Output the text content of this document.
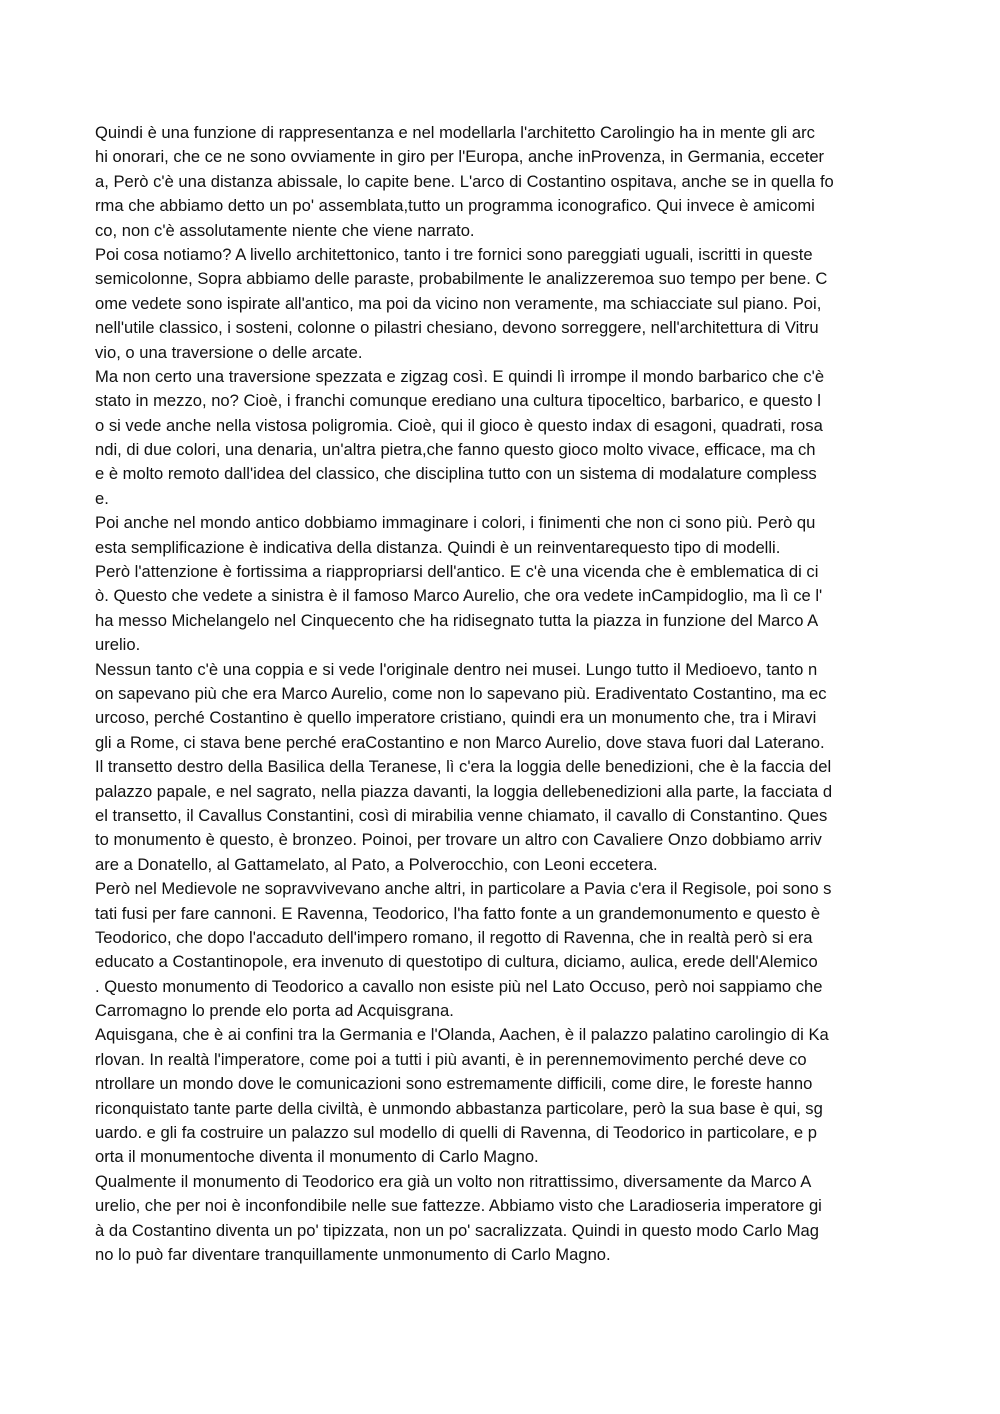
Quindi è una funzione di rappresentanza e nel modellarla l'architetto Carolingio ha in mente gli arc
hi onorari, che ce ne sono ovviamente in giro per l'Europa, anche inProvenza, in Germania, ecceter
a, Però c'è una distanza abissale, lo capite bene. L'arco di Costantino ospitava, anche se in quella fo
rma che abbiamo detto un po' assemblata,tutto un programma iconografico. Qui invece è amicomi
co, non c'è assolutamente niente che viene narrato.
Poi cosa notiamo? A livello architettonico, tanto i tre fornici sono pareggiati uguali, iscritti in queste
semicolonne, Sopra abbiamo delle paraste, probabilmente le analizzeremoa suo tempo per bene. C
ome vedete sono ispirate all'antico, ma poi da vicino non veramente, ma schiacciate sul piano. Poi,
nell'utile classico, i sosteni, colonne o pilastri chesiano, devono sorreggere, nell'architettura di Vitru
vio, o una traversione o delle arcate.
Ma non certo una traversione spezzata e zigzag così. E quindi lì irrompe il mondo barbarico che c'è
stato in mezzo, no? Cioè, i franchi comunque erediano una cultura tipoceltico, barbarico, e questo l
o si vede anche nella vistosa poligromia. Cioè, qui il gioco è questo indax di esagoni, quadrati, rosa
ndi, di due colori, una denaria, un'altra pietra,che fanno questo gioco molto vivace, efficace, ma ch
e è molto remoto dall'idea del classico, che disciplina tutto con un sistema di modalature compless
e.
Poi anche nel mondo antico dobbiamo immaginare i colori, i finimenti che non ci sono più. Però qu
esta semplificazione è indicativa della distanza. Quindi è un reinventarequesto tipo di modelli.
Però l'attenzione è fortissima a riappropriarsi dell'antico. E c'è una vicenda che è emblematica di ci
ò. Questo che vedete a sinistra è il famoso Marco Aurelio, che ora vedete inCampidoglio, ma lì ce l'
ha messo Michelangelo nel Cinquecento che ha ridisegnato tutta la piazza in funzione del Marco A
urelio.
Nessun tanto c'è una coppia e si vede l'originale dentro nei musei. Lungo tutto il Medioevo, tanto n
on sapevano più che era Marco Aurelio, come non lo sapevano più. Eradiventato Costantino, ma ec
urcoso, perché Costantino è quello imperatore cristiano, quindi era un monumento che, tra i Miravi
gli a Rome, ci stava bene perché eraCostantino e non Marco Aurelio, dove stava fuori dal Laterano.
Il transetto destro della Basilica della Teranese, lì c'era la loggia delle benedizioni, che è la faccia del
palazzo papale, e nel sagrato, nella piazza davanti, la loggia dellebenedizioni alla parte, la facciata d
el transetto, il Cavallus Constantini, così di mirabilia venne chiamato, il cavallo di Constantino. Ques
to monumento è questo, è bronzeo. Poinoi, per trovare un altro con Cavaliere Onzo dobbiamo arriv
are a Donatello, al Gattamelato, al Pato, a Polverocchio, con Leoni eccetera.
Però nel Medievole ne sopravvivevano anche altri, in particolare a Pavia c'era il Regisole, poi sono s
tati fusi per fare cannoni. E Ravenna, Teodorico, l'ha fatto fonte a un grandemonumento e questo è
Teodorico, che dopo l'accaduto dell'impero romano, il regotto di Ravenna, che in realtà però si era
educato a Costantinopole, era invenuto di questotipo di cultura, diciamo, aulica, erede dell'Alemico
. Questo monumento di Teodorico a cavallo non esiste più nel Lato Occuso, però noi sappiamo che
Carromagno lo prende elo porta ad Acquisgrana.
Aquisgana, che è ai confini tra la Germania e l'Olanda, Aachen, è il palazzo palatino carolingio di Ka
rlovan. In realtà l'imperatore, come poi a tutti i più avanti, è in perennemovimento perché deve co
ntrollare un mondo dove le comunicazioni sono estremamente difficili, come dire, le foreste hanno
riconquistato tante parte della civiltà, è unmondo abbastanza particolare, però la sua base è qui, sg
uardo. e gli fa costruire un palazzo sul modello di quelli di Ravenna, di Teodorico in particolare, e p
orta il monumentoche diventa il monumento di Carlo Magno.
Qualmente il monumento di Teodorico era già un volto non ritrattissimo, diversamente da Marco A
urelio, che per noi è inconfondibile nelle sue fattezze. Abbiamo visto che Laradioseria imperatore gi
à da Costantino diventa un po' tipizzata, non un po' sacralizzata. Quindi in questo modo Carlo Mag
no lo può far diventare tranquillamente unmonumento di Carlo Magno.
